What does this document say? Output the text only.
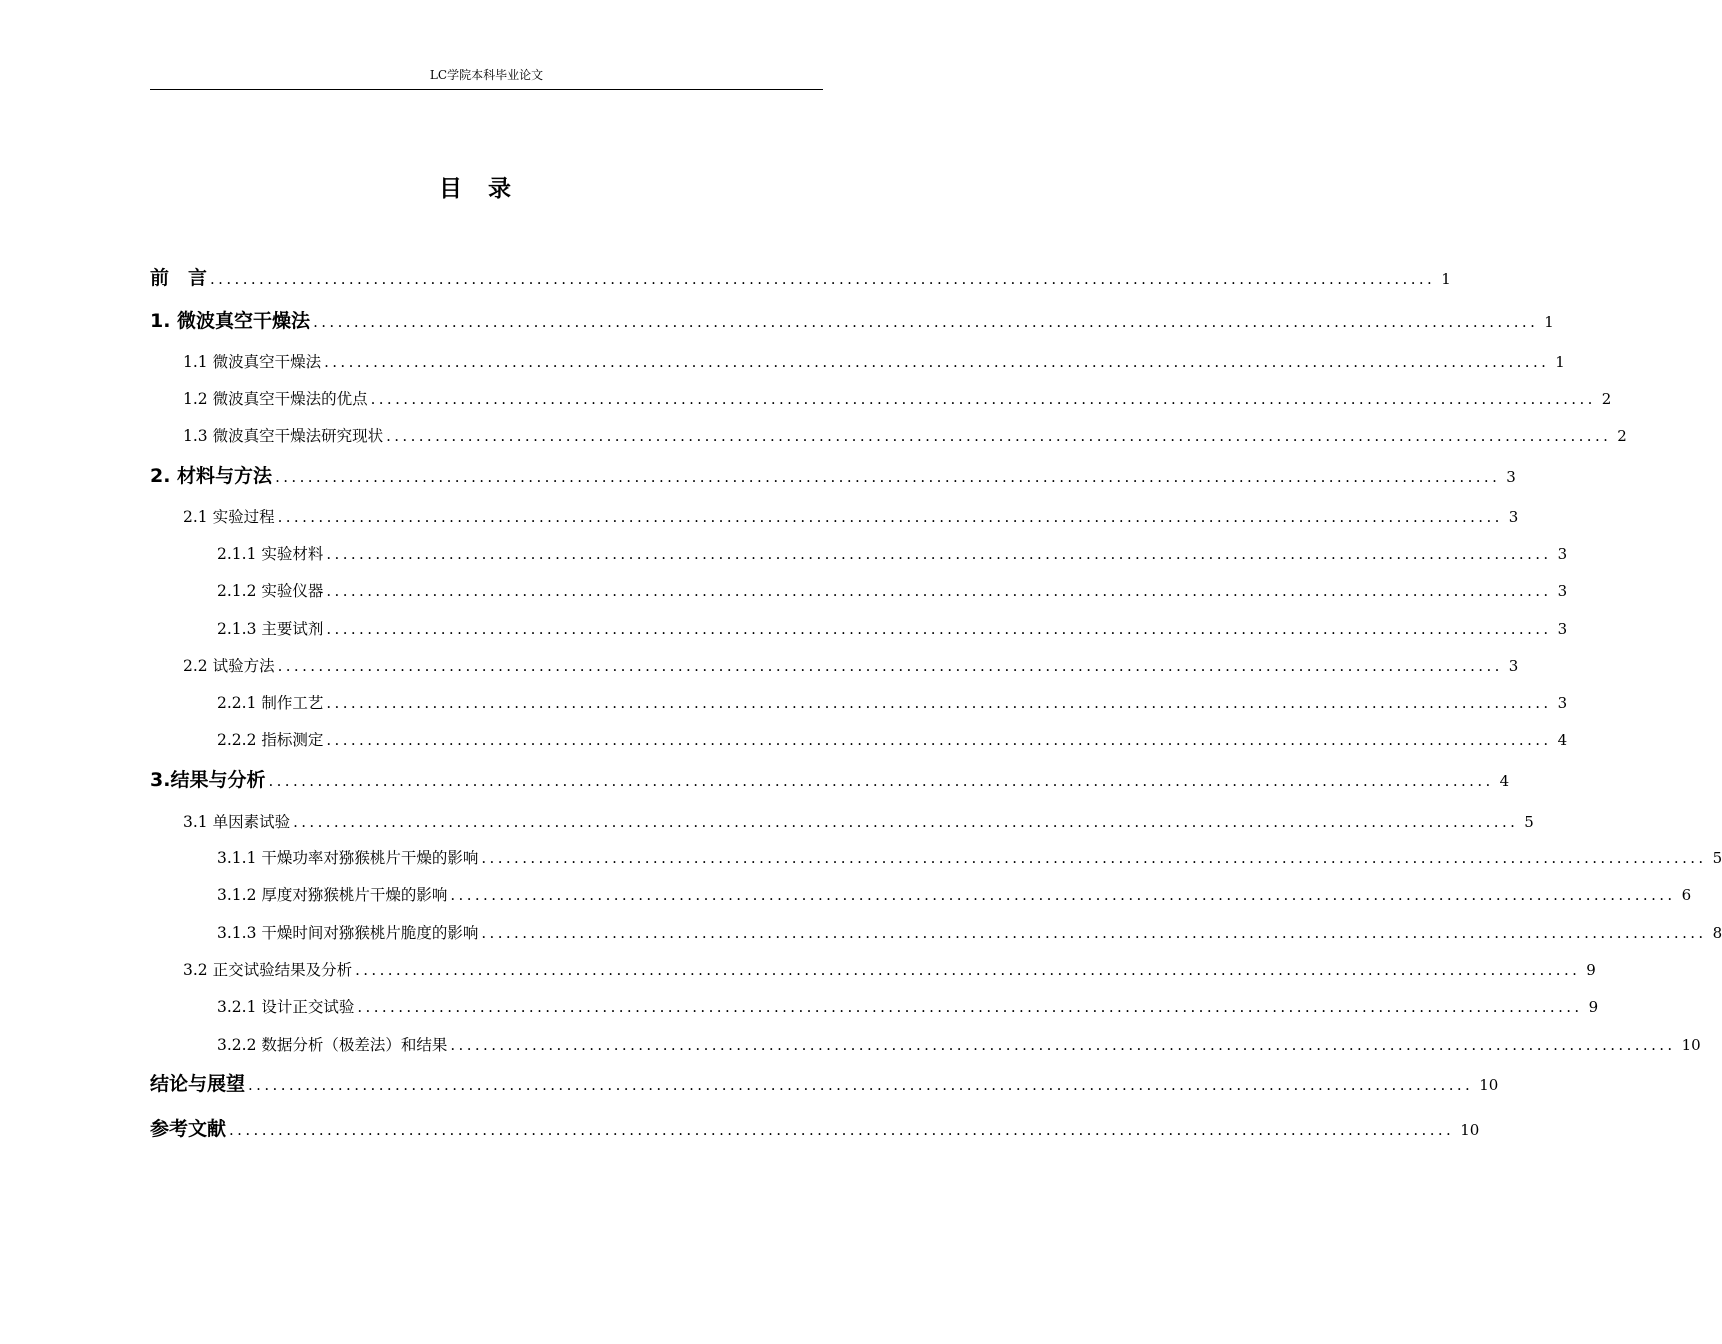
LC学院本科毕业论文
目录
前　言 ...................................................................................................................................................... 1
1. 微波真空干燥法 ...................................................................................................................................................... 1
1.1 微波真空干燥法 ...................................................................................................................................................... 1
1.2 微波真空干燥法的优点 ...................................................................................................................................................... 2
1.3 微波真空干燥法研究现状 ...................................................................................................................................................... 2
2. 材料与方法 ...................................................................................................................................................... 3
2.1 实验过程 ...................................................................................................................................................... 3
2.1.1 实验材料 ...................................................................................................................................................... 3
2.1.2 实验仪器 ...................................................................................................................................................... 3
2.1.3 主要试剂 ...................................................................................................................................................... 3
2.2 试验方法 ...................................................................................................................................................... 3
2.2.1 制作工艺 ...................................................................................................................................................... 3
2.2.2 指标测定 ...................................................................................................................................................... 4
3.结果与分析 ...................................................................................................................................................... 4
3.1 单因素试验 ...................................................................................................................................................... 5
3.1.1 干燥功率对猕猴桃片干燥的影响 ...................................................................................................................................................... 5
3.1.2 厚度对猕猴桃片干燥的影响 ...................................................................................................................................................... 6
3.1.3 干燥时间对猕猴桃片脆度的影响 ...................................................................................................................................................... 8
3.2 正交试验结果及分析 ...................................................................................................................................................... 9
3.2.1 设计正交试验 ...................................................................................................................................................... 9
3.2.2 数据分析（极差法）和结果 ...................................................................................................................................................... 10
结论与展望 ...................................................................................................................................................... 10
参考文献 ...................................................................................................................................................... 10
